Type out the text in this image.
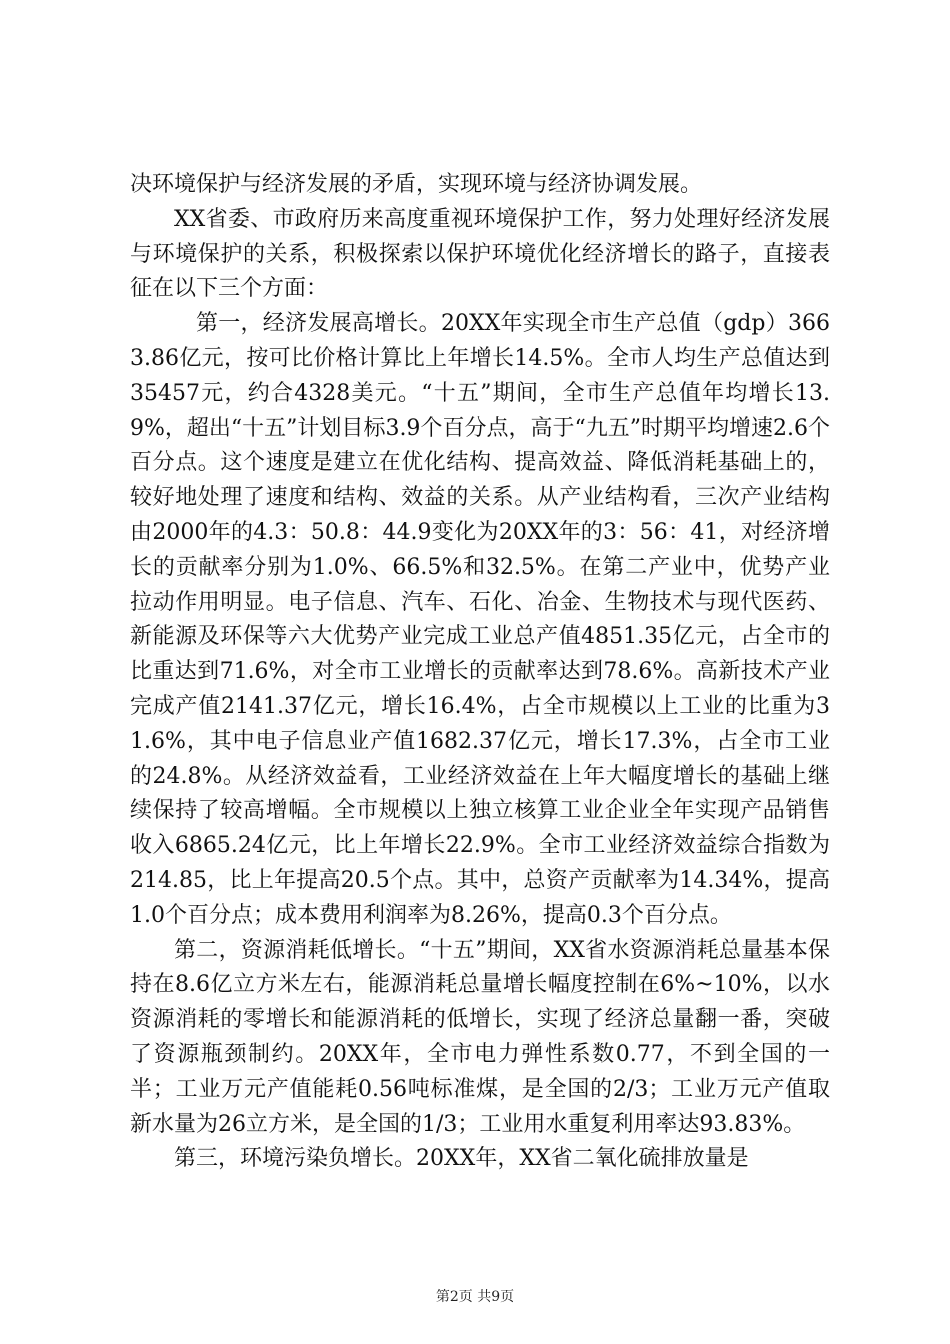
决环境保护与经济发展的矛盾，实现环境与经济协调发展。

XX省委、市政府历来高度重视环境保护工作，努力处理好经济发展与环境保护的关系，积极探索以保护环境优化经济增长的路子，直接表征在以下三个方面：

第一，经济发展高增长。20XX年实现全市生产总值（gdp）3663.86亿元，按可比价格计算比上年增长14.5%。全市人均生产总值达到35457元，约合4328美元。“十五”期间，全市生产总值年均增长13.9%，超出“十五”计划目标3.9个百分点，高于“九五”时期平均增速2.6个百分点。这个速度是建立在优化结构、提高效益、降低消耗基础上的，较好地处理了速度和结构、效益的关系。从产业结构看，三次产业结构由2000年的4.3：50.8：44.9变化为20XX年的3：56：41，对经济增长的贡献率分别为1.0%、66.5%和32.5%。在第二产业中，优势产业拉动作用明显。电子信息、汽车、石化、冶金、生物技术与现代医药、新能源及环保等六大优势产业完成工业总产值4851.35亿元，占全市的比重达到71.6%，对全市工业增长的贡献率达到78.6%。高新技术产业完成产值2141.37亿元，增长16.4%，占全市规模以上工业的比重为31.6%，其中电子信息业产值1682.37亿元，增长17.3%，占全市工业的24.8%。从经济效益看，工业经济效益在上年大幅度增长的基础上继续保持了较高增幅。全市规模以上独立核算工业企业全年实现产品销售收入6865.24亿元，比上年增长22.9%。全市工业经济效益综合指数为214.85，比上年提高20.5个点。其中，总资产贡献率为14.34%，提高1.0个百分点；成本费用利润率为8.26%，提高0.3个百分点。

第二，资源消耗低增长。“十五”期间，XX省水资源消耗总量基本保持在8.6亿立方米左右，能源消耗总量增长幅度控制在6%~10%，以水资源消耗的零增长和能源消耗的低增长，实现了经济总量翻一番，突破了资源瓶颈制约。20XX年，全市电力弹性系数0.77，不到全国的一半；工业万元产值能耗0.56吨标准煤，是全国的2/3；工业万元产值取新水量为26立方米，是全国的1/3；工业用水重复利用率达93.83%。

第三，环境污染负增长。20XX年，XX省二氧化硫排放量是

第2页 共9页
